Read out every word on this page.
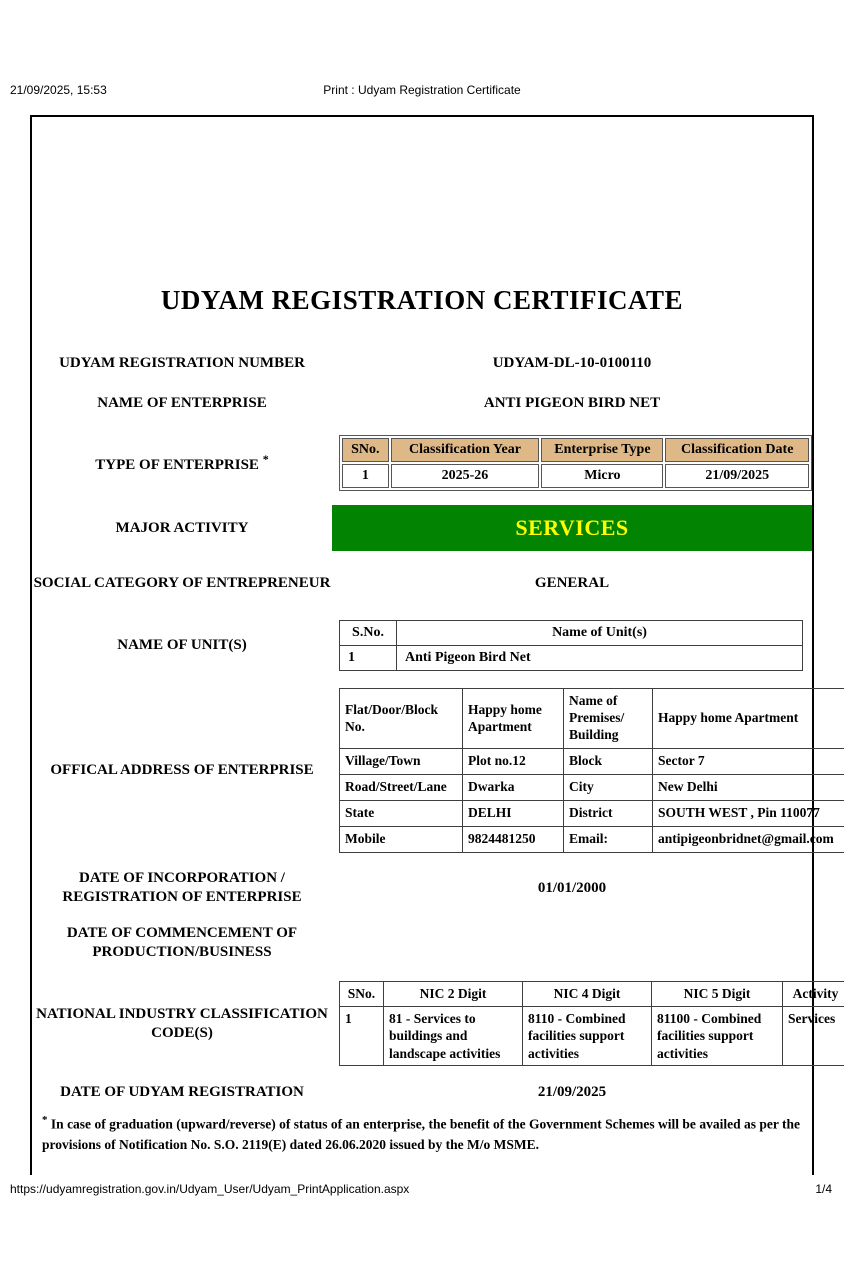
21/09/2025, 15:53	Print : Udyam Registration Certificate
UDYAM REGISTRATION CERTIFICATE
UDYAM REGISTRATION NUMBER	UDYAM-DL-10-0100110
NAME OF ENTERPRISE	ANTI PIGEON BIRD NET
TYPE OF ENTERPRISE *
SNo.	Classification Year	Enterprise Type	Classification Date
1	2025-26	Micro	21/09/2025
MAJOR ACTIVITY	SERVICES
SOCIAL CATEGORY OF ENTREPRENEUR	GENERAL
NAME OF UNIT(S)
S.No.	Name of Unit(s)
1	Anti Pigeon Bird Net
OFFICAL ADDRESS OF ENTERPRISE
Flat/Door/Block No.	Happy home Apartment	Name of Premises/ Building	Happy home Apartment
Village/Town	Plot no.12	Block	Sector 7
Road/Street/Lane	Dwarka	City	New Delhi
State	DELHI	District	SOUTH WEST , Pin 110077
Mobile	9824481250	Email:	antipigeonbridnet@gmail.com
DATE OF INCORPORATION / REGISTRATION OF ENTERPRISE
01/01/2000
DATE OF COMMENCEMENT OF PRODUCTION/BUSINESS
NATIONAL INDUSTRY CLASSIFICATION CODE(S)
SNo.	NIC 2 Digit	NIC 4 Digit	NIC 5 Digit	Activity
1	81 - Services to buildings and landscape activities	8110 - Combined facilities support activities	81100 - Combined facilities support activities	Services
DATE OF UDYAM REGISTRATION	21/09/2025
* In case of graduation (upward/reverse) of status of an enterprise, the benefit of the Government Schemes will be availed as per the provisions of Notification No. S.O. 2119(E) dated 26.06.2020 issued by the M/o MSME.
https://udyamregistration.gov.in/Udyam_User/Udyam_PrintApplication.aspx	1/4
